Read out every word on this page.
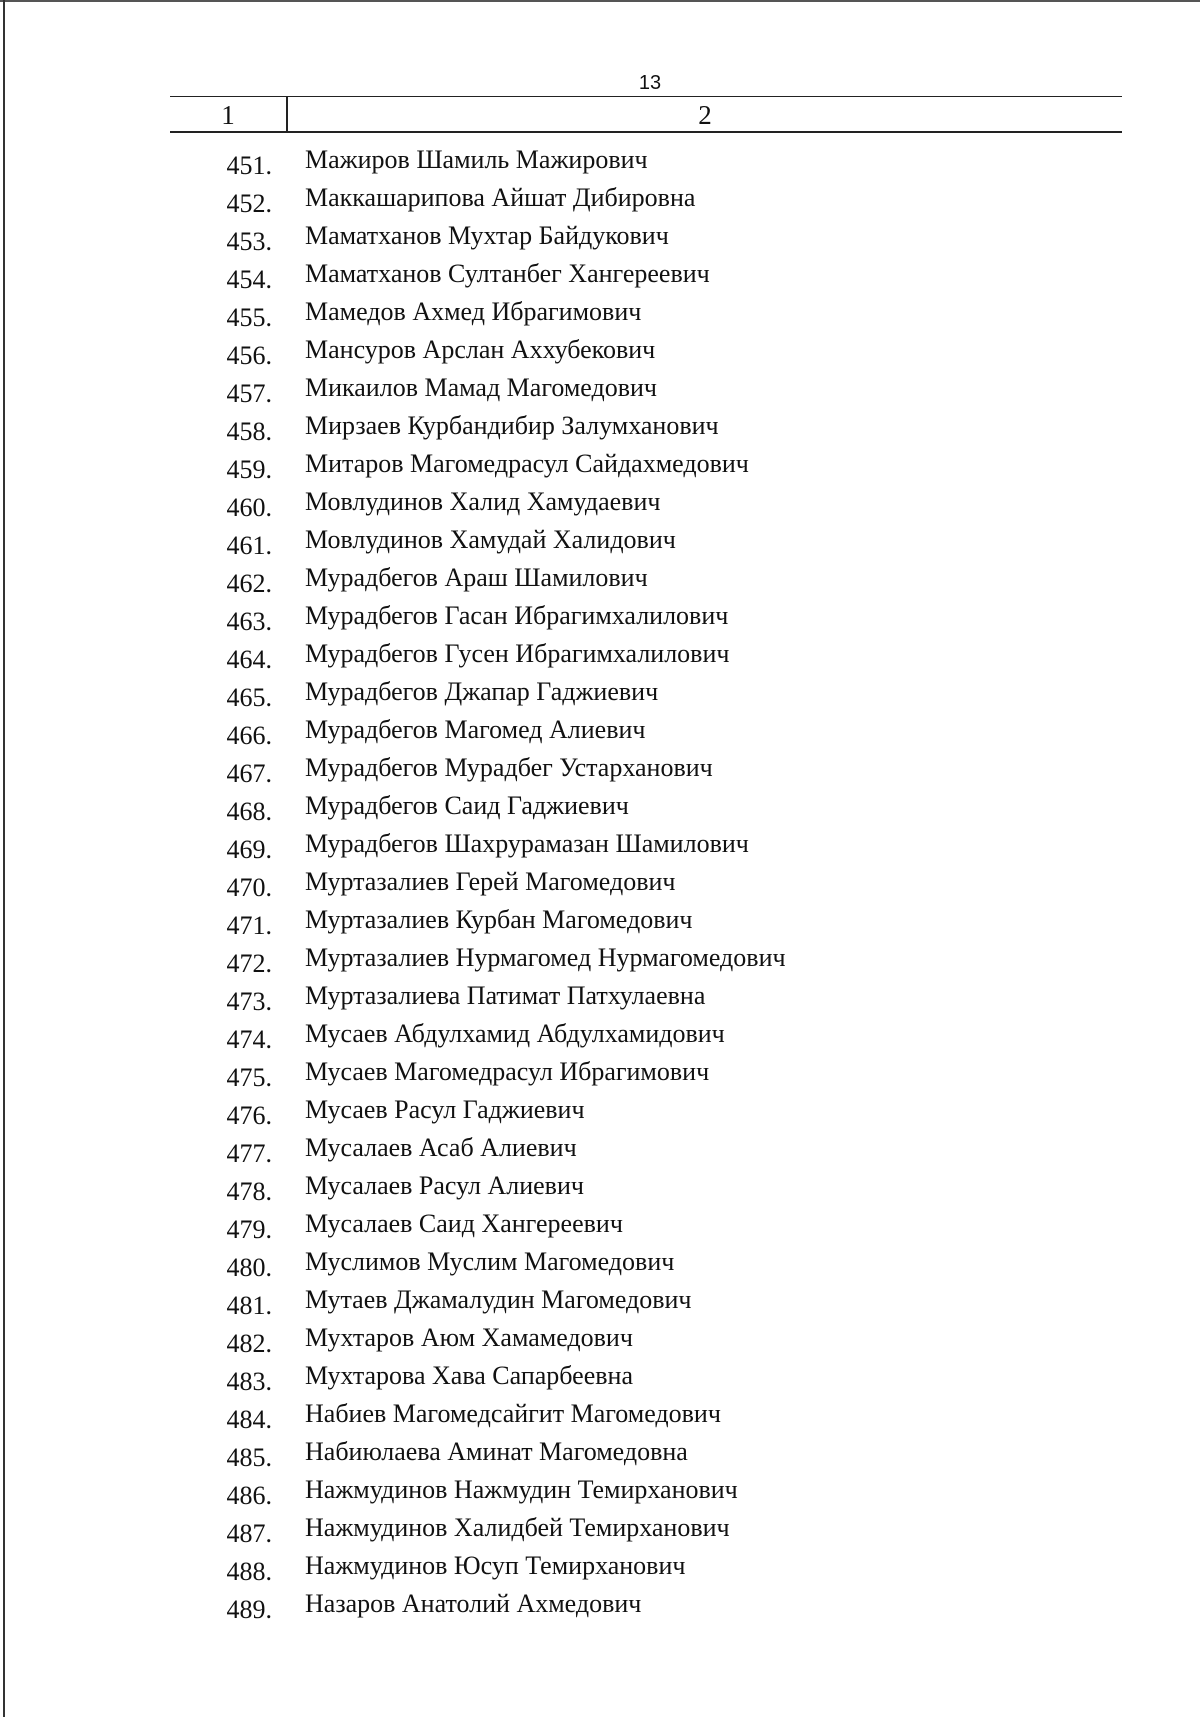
13
1	2
451. Мажиров Шамиль Мажирович
452. Маккашарипова Айшат Дибировна
453. Маматханов Мухтар Байдукович
454. Маматханов Султанбег Хангереевич
455. Мамедов Ахмед Ибрагимович
456. Мансуров Арслан Аххубекович
457. Микаилов Мамад Магомедович
458. Мирзаев Курбандибир Залумханович
459. Митаров Магомедрасул Сайдахмедович
460. Мовлудинов Халид Хамудаевич
461. Мовлудинов Хамудай Халидович
462. Мурадбегов Араш Шамилович
463. Мурадбегов Гасан Ибрагимхалилович
464. Мурадбегов Гусен Ибрагимхалилович
465. Мурадбегов Джапар Гаджиевич
466. Мурадбегов Магомед Алиевич
467. Мурадбегов Мурадбег Устарханович
468. Мурадбегов Саид Гаджиевич
469. Мурадбегов Шахрурамазан Шамилович
470. Муртазалиев Герей Магомедович
471. Муртазалиев Курбан Магомедович
472. Муртазалиев Нурмагомед Нурмагомедович
473. Муртазалиева Патимат Патхулаевна
474. Мусаев Абдулхамид Абдулхамидович
475. Мусаев Магомедрасул Ибрагимович
476. Мусаев Расул Гаджиевич
477. Мусалаев Асаб Алиевич
478. Мусалаев Расул Алиевич
479. Мусалаев Саид Хангереевич
480. Муслимов Муслим Магомедович
481. Мутаев Джамалудин Магомедович
482. Мухтаров Аюм Хамамедович
483. Мухтарова Хава Сапарбеевна
484. Набиев Магомедсайгит Магомедович
485. Набиюлаева Аминат Магомедовна
486. Нажмудинов Нажмудин Темирханович
487. Нажмудинов Халидбей Темирханович
488. Нажмудинов Юсуп Темирханович
489. Назаров Анатолий Ахмедович
